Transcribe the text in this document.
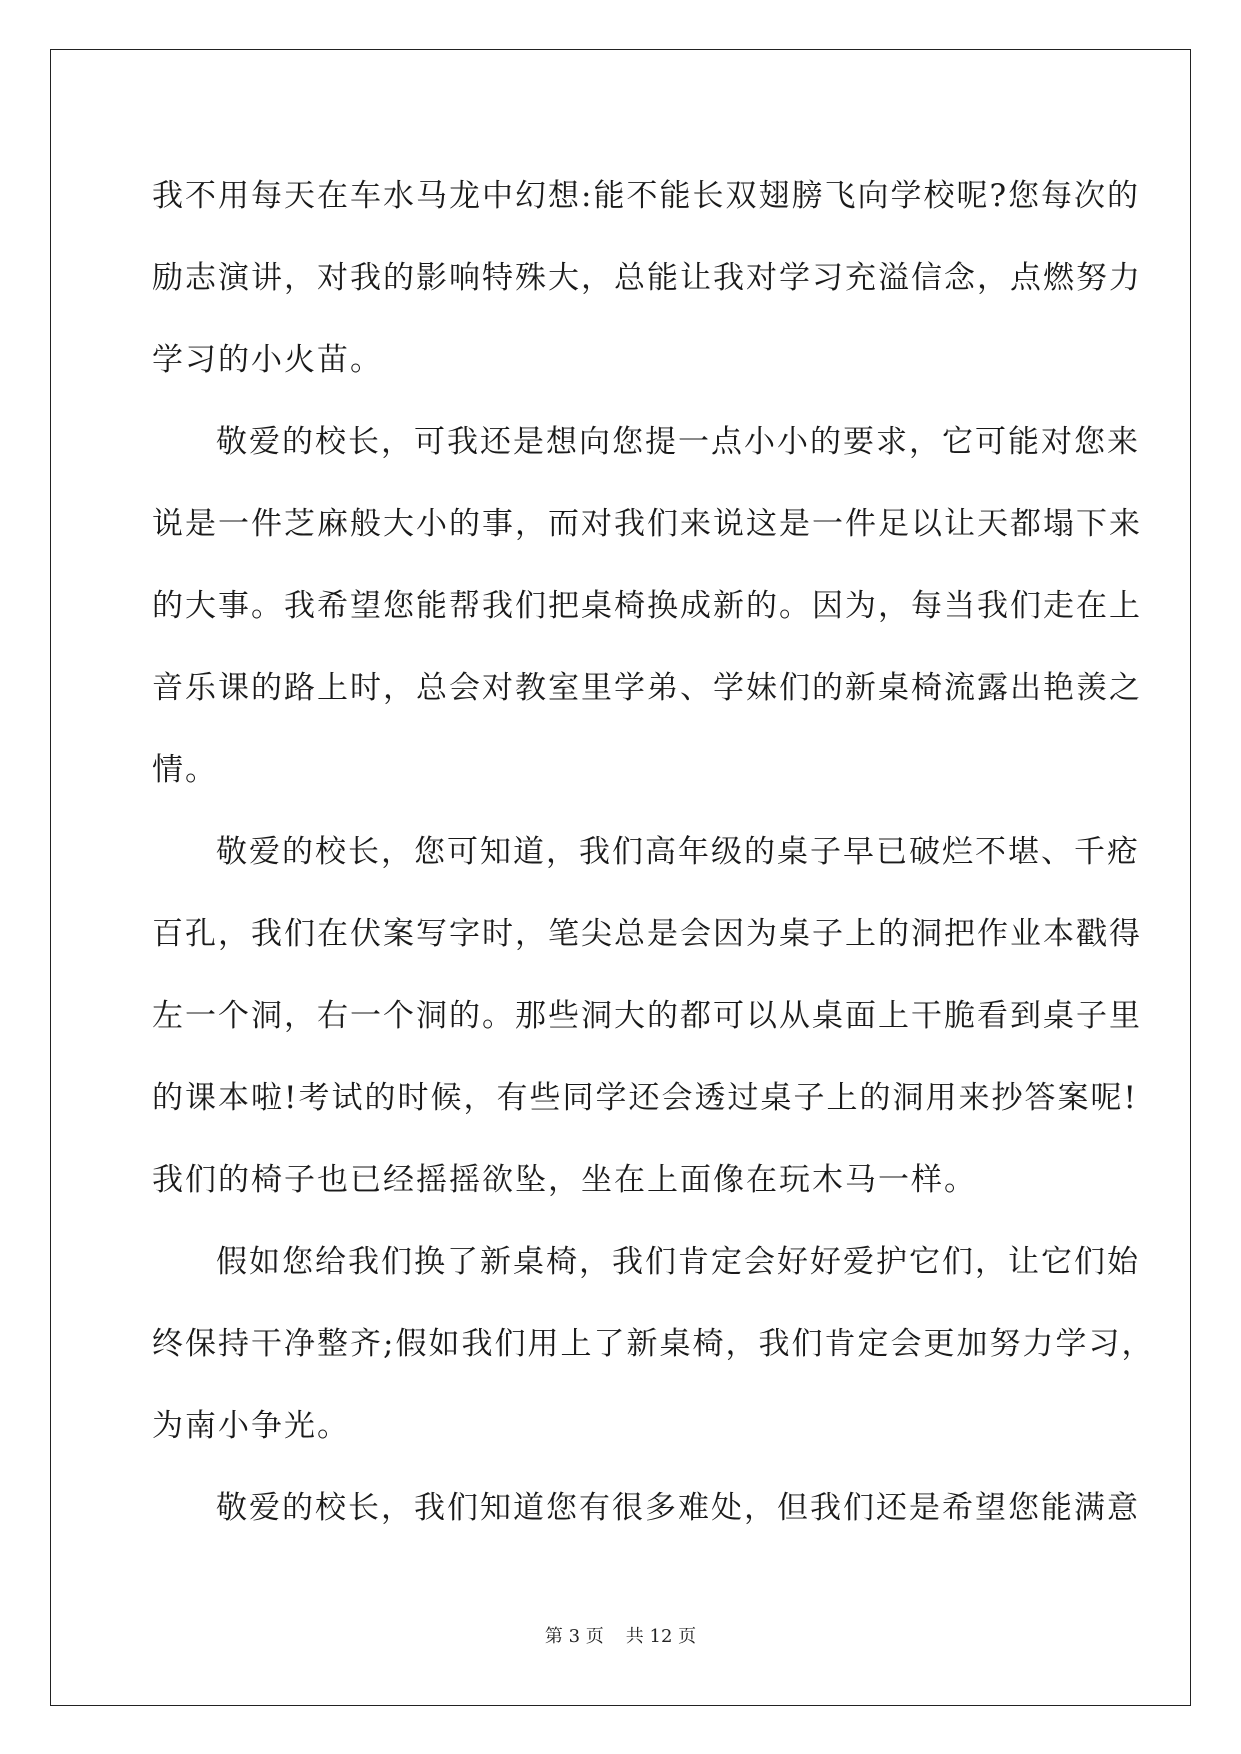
我不用每天在车水马龙中幻想:能不能长双翅膀飞向学校呢?您每次的
励志演讲，对我的影响特殊大，总能让我对学习充溢信念，点燃努力
学习的小火苗。
敬爱的校长，可我还是想向您提一点小小的要求，它可能对您来
说是一件芝麻般大小的事，而对我们来说这是一件足以让天都塌下来
的大事。我希望您能帮我们把桌椅换成新的。因为，每当我们走在上
音乐课的路上时，总会对教室里学弟、学妹们的新桌椅流露出艳羡之
情。
敬爱的校长，您可知道，我们高年级的桌子早已破烂不堪、千疮
百孔，我们在伏案写字时，笔尖总是会因为桌子上的洞把作业本戳得
左一个洞，右一个洞的。那些洞大的都可以从桌面上干脆看到桌子里
的课本啦!考试的时候，有些同学还会透过桌子上的洞用来抄答案呢!
我们的椅子也已经摇摇欲坠，坐在上面像在玩木马一样。
假如您给我们换了新桌椅，我们肯定会好好爱护它们，让它们始
终保持干净整齐;假如我们用上了新桌椅，我们肯定会更加努力学习，
为南小争光。
敬爱的校长，我们知道您有很多难处，但我们还是希望您能满意
第 3 页 共 12 页
